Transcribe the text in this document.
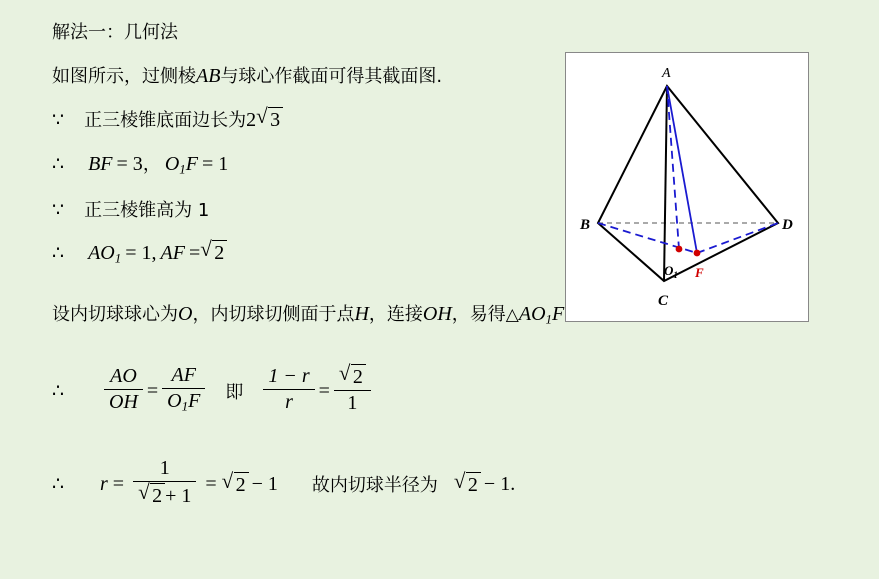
解法一：几何法
如图所示，过侧棱AB与球心作截面可得其截面图.
∵ 正三棱锥底面边长为2 √ 3
∴ BF = 3， $O_1F = 1$
∵ 正三棱锥高为 1
∴ $AO_1 = 1$, AF = √ 2
设内切球球心为O，内切球切侧面于点H，连接OH，易得$\triangle AO_1F$
∴	$\frac{AO}{OH} = \frac{AF}{O_1F}$ 即 $\frac{1 - r}{r} = \frac{√ 2}{1}$
∴	$r = \frac{1}{√ 2 + 1}$ = √ 2 − 1 故内切球半径为 √ 2 − 1 .
A
B
C
D
$O_1$ F
